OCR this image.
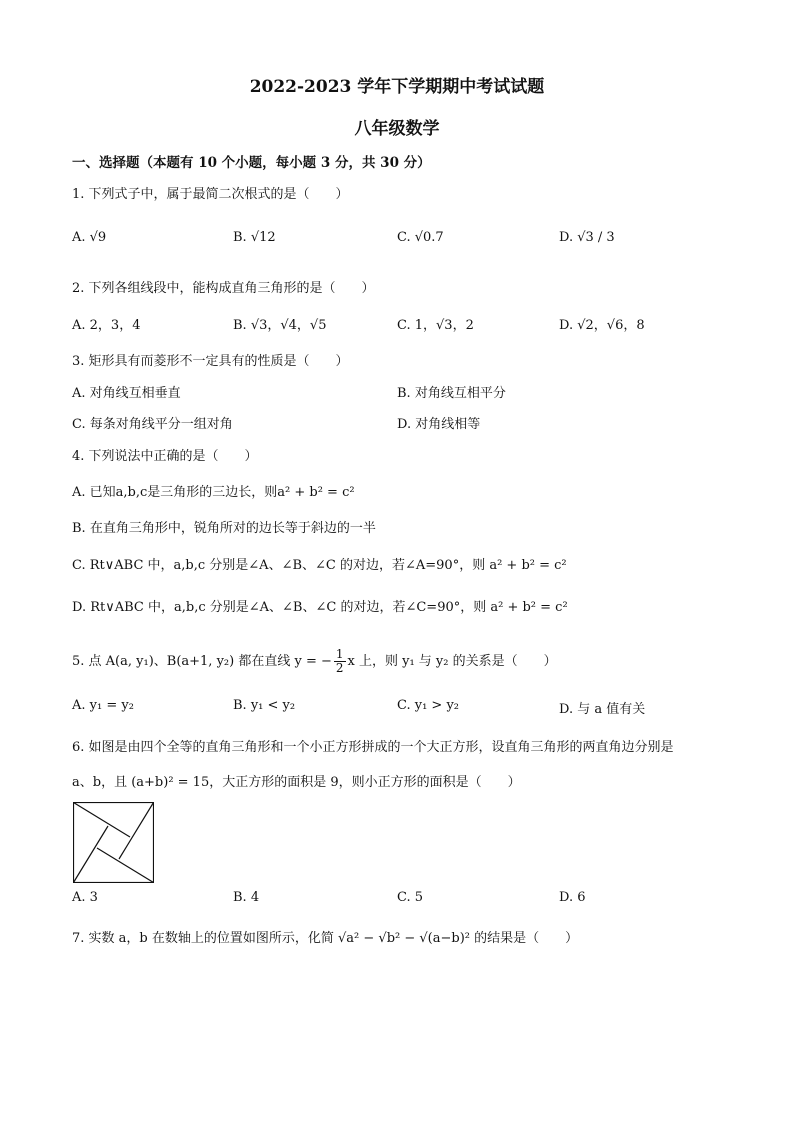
2022-2023 学年下学期期中考试试题
八年级数学
一、选择题（本题有 10 个小题，每小题 3 分，共 30 分）
1. 下列式子中，属于最简二次根式的是（　　）
A. √9	B. √12	C. √0.7	D. √3 / 3
2. 下列各组线段中，能构成直角三角形的是（　　）
A. 2，3，4	B. √3，√4，√5	C. 1，√3，2	D. √2，√6，8
3. 矩形具有而菱形不一定具有的性质是（　　）
A. 对角线互相垂直	B. 对角线互相平分
C. 每条对角线平分一组对角	D. 对角线相等
4. 下列说法中正确的是（　　）
A. 已知a,b,c是三角形的三边长，则a² + b² = c²
B. 在直角三角形中，锐角所对的边长等于斜边的一半
C. Rt∨ABC 中，a,b,c 分别是∠A、∠B、∠C 的对边，若∠A=90°，则 a² + b² = c²
D. Rt∨ABC 中，a,b,c 分别是∠A、∠B、∠C 的对边，若∠C=90°，则 a² + b² = c²
5. 点 A(a, y₁)、B(a+1, y₂) 都在直线 y = − $\frac{1}{2}$ x 上，则 y₁ 与 y₂ 的关系是（　　）
A. y₁ = y₂	B. y₁ < y₂	C. y₁ > y₂	D. 与 a 值有关
6. 如图是由四个全等的直角三角形和一个小正方形拼成的一个大正方形，设直角三角形的两直角边分别是
a、b，且 (a+b)² = 15，大正方形的面积是 9，则小正方形的面积是（　　）
A. 3	B. 4	C. 5	D. 6
7. 实数 a，b 在数轴上的位置如图所示，化简 √a² − √b² − √(a−b)² 的结果是（　　）
